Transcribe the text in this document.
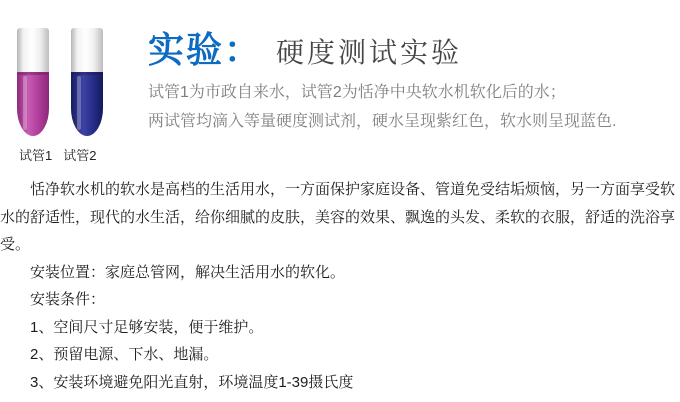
试管1 试管2
实验： 硬度测试实验

试管1为市政自来水，试管2为恬净中央软水机软化后的水；

两试管均滴入等量硬度测试剂，硬水呈现紫红色，软水则呈现蓝色.

恬净软水机的软水是高档的生活用水，一方面保护家庭设备、管道免受结垢烦恼，另一方面享受软水的舒适性，现代的水生活，给你细腻的皮肤，美容的效果、飘逸的头发、柔软的衣服，舒适的洗浴享受。

安装位置：家庭总管网，解决生活用水的软化。

安装条件：

1、空间尺寸足够安装，便于维护。

2、预留电源、下水、地漏。

3、安装环境避免阳光直射，环境温度1-39摄氏度
